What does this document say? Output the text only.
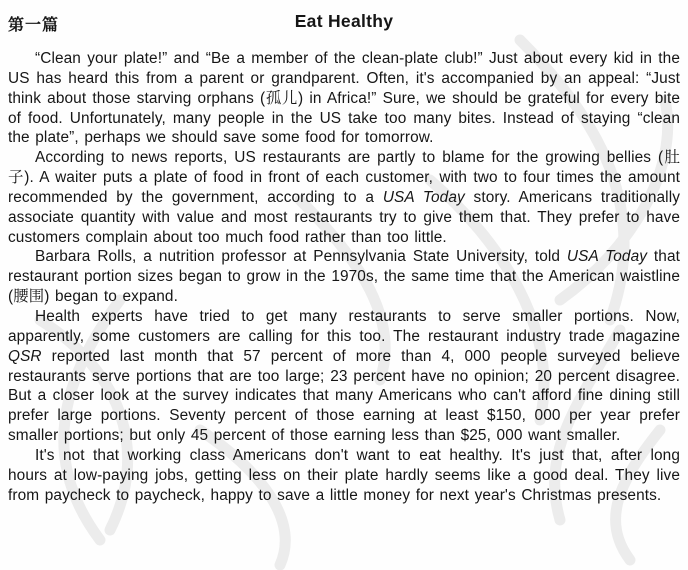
第一篇	Eat Healthy

“Clean your plate!” and “Be a member of the clean-plate club!” Just about every kid in the US has heard this from a parent or grandparent. Often, it's accompanied by an appeal: “Just think about those starving orphans (孤儿) in Africa!” Sure, we should be grateful for every bite of food. Unfortunately, many people in the US take too many bites. Instead of staying “clean the plate”, perhaps we should save some food for tomorrow.

According to news reports, US restaurants are partly to blame for the growing bellies (肚子). A waiter puts a plate of food in front of each customer, with two to four times the amount recommended by the government, according to a USA Today story. Americans traditionally associate quantity with value and most restaurants try to give them that. They prefer to have customers complain about too much food rather than too little.

Barbara Rolls, a nutrition professor at Pennsylvania State University, told USA Today that restaurant portion sizes began to grow in the 1970s, the same time that the American waistline (腰围) began to expand.

Health experts have tried to get many restaurants to serve smaller portions. Now, apparently, some customers are calling for this too. The restaurant industry trade magazine QSR reported last month that 57 percent of more than 4, 000 people surveyed believe restaurants serve portions that are too large; 23 percent have no opinion; 20 percent disagree. But a closer look at the survey indicates that many Americans who can't afford fine dining still prefer large portions. Seventy percent of those earning at least $150, 000 per year prefer smaller portions; but only 45 percent of those earning less than $25, 000 want smaller.

It's not that working class Americans don't want to eat healthy. It's just that, after long hours at low-paying jobs, getting less on their plate hardly seems like a good deal. They live from paycheck to paycheck, happy to save a little money for next year's Christmas presents.
